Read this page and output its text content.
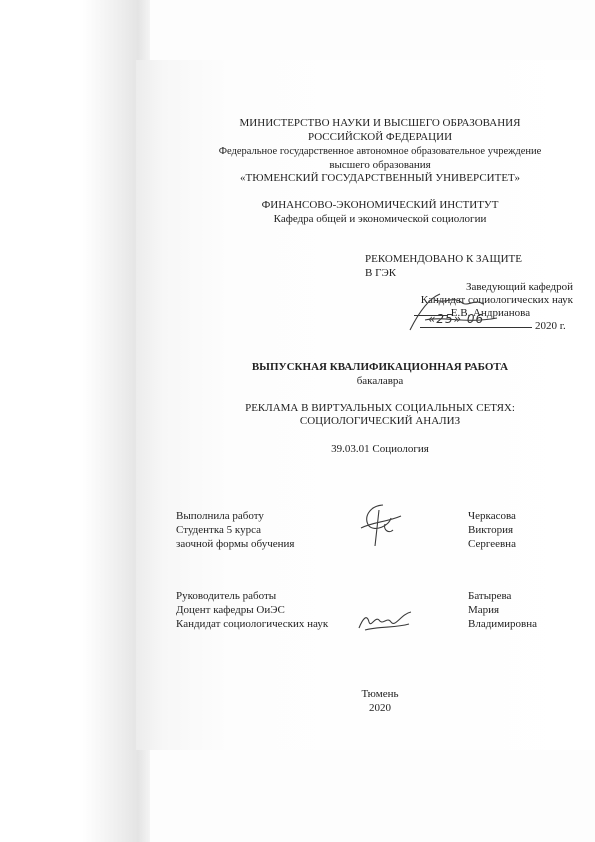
МИНИСТЕРСТВО НАУКИ И ВЫСШЕГО ОБРАЗОВАНИЯ
РОССИЙСКОЙ ФЕДЕРАЦИИ
Федеральное государственное автономное образовательное учреждение
высшего образования
«ТЮМЕНСКИЙ ГОСУДАРСТВЕННЫЙ УНИВЕРСИТЕТ»
ФИНАНСОВО-ЭКОНОМИЧЕСКИЙ ИНСТИТУТ
Кафедра общей и экономической социологии
РЕКОМЕНДОВАНО К ЗАЩИТЕ
В ГЭК
Заведующий кафедрой
Кандидат социологических наук
Е.В. Андрианова
«25» 06	2020 г.
ВЫПУСКНАЯ КВАЛИФИКАЦИОННАЯ РАБОТА
бакалавра
РЕКЛАМА В ВИРТУАЛЬНЫХ СОЦИАЛЬНЫХ СЕТЯХ:
СОЦИОЛОГИЧЕСКИЙ АНАЛИЗ
39.03.01 Социология
Выполнила работу
Студентка 5 курса
заочной формы обучения
Черкасова
Виктория
Сергеевна
Руководитель работы
Доцент кафедры ОиЭС
Кандидат социологических наук
Батырева
Мария
Владимировна
Тюмень
2020
